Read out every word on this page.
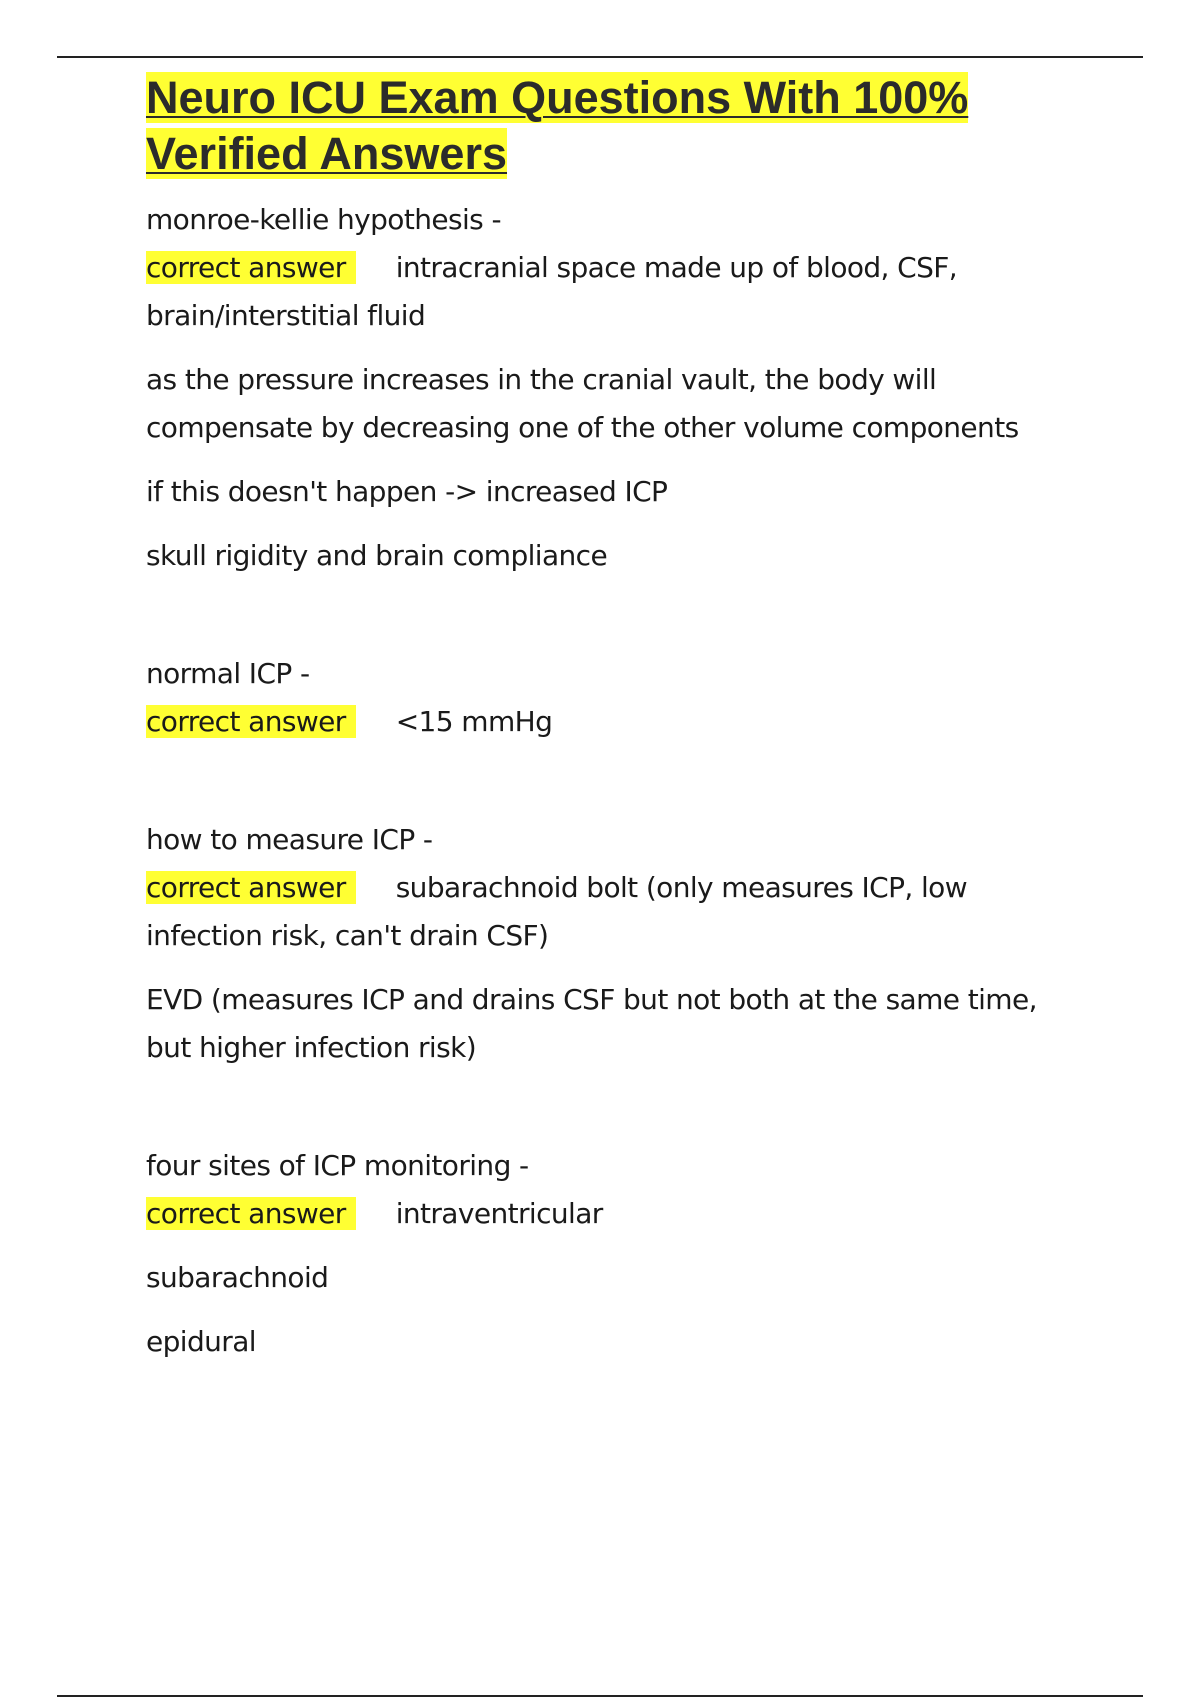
Neuro ICU Exam Questions With 100%
Verified Answers

monroe-kellie hypothesis -

correct answer intracranial space made up of blood, CSF, brain/interstitial fluid

as the pressure increases in the cranial vault, the body will compensate by decreasing one of the other volume components

if this doesn't happen -> increased ICP

skull rigidity and brain compliance

normal ICP -

correct answer <15 mmHg

how to measure ICP -

correct answer subarachnoid bolt (only measures ICP, low infection risk, can't drain CSF)

EVD (measures ICP and drains CSF but not both at the same time, but higher infection risk)

four sites of ICP monitoring -

correct answer intraventricular

subarachnoid

epidural
